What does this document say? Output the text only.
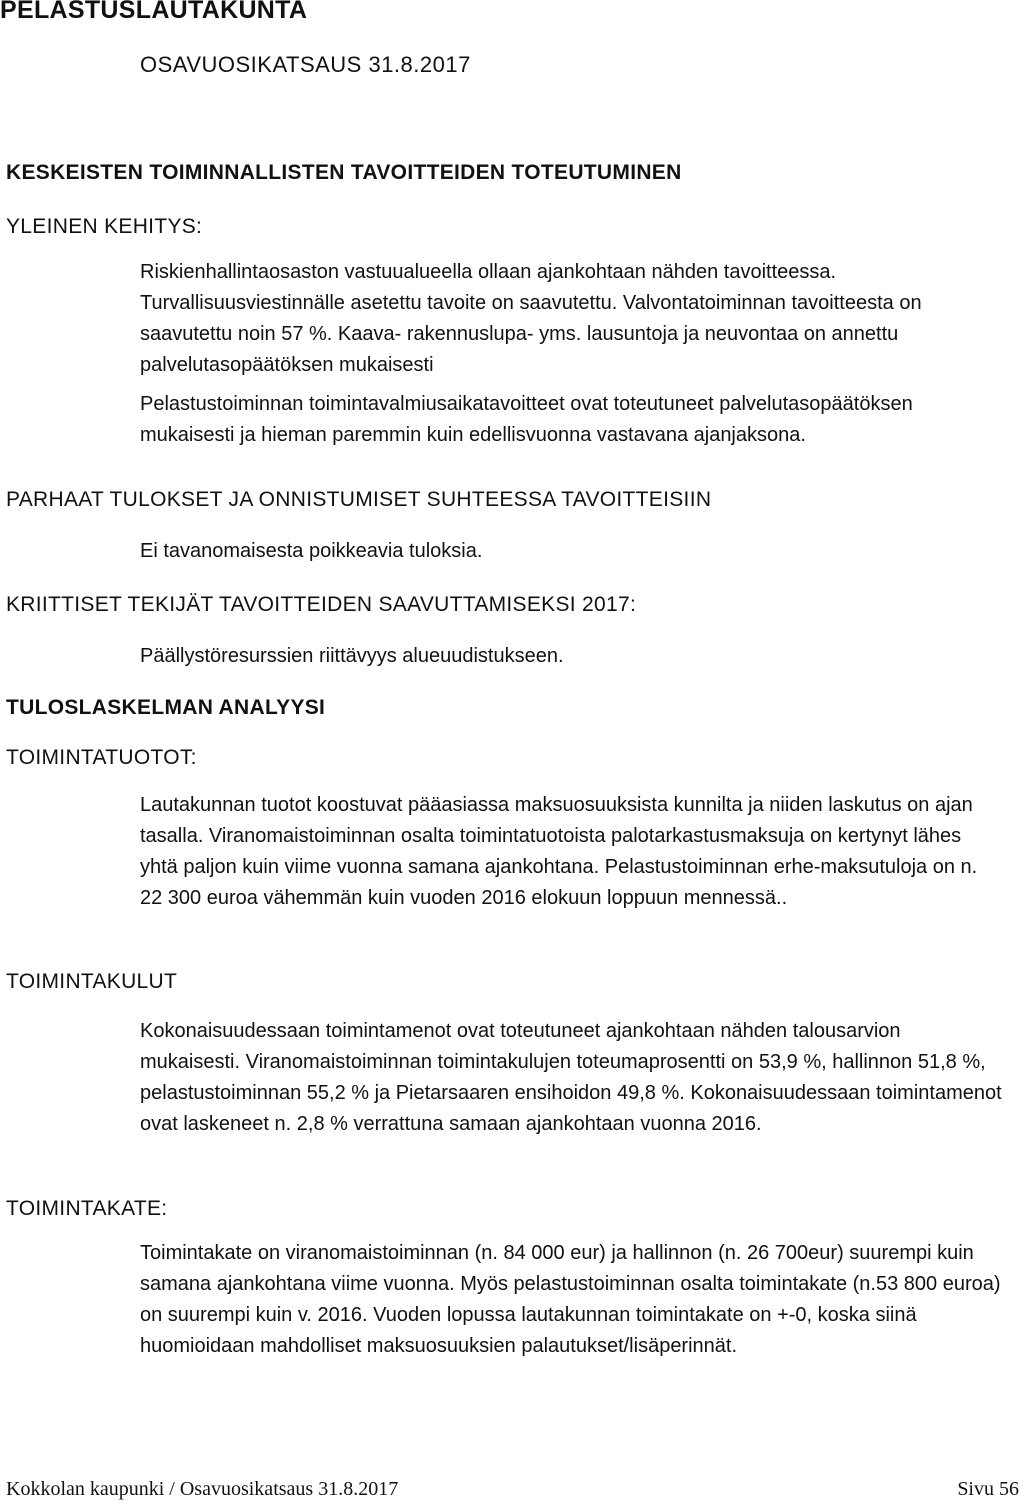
PELASTUSLAUTAKUNTA
OSAVUOSIKATSAUS 31.8.2017
KESKEISTEN TOIMINNALLISTEN TAVOITTEIDEN TOTEUTUMINEN
YLEINEN KEHITYS:

Riskienhallintaosaston vastuualueella ollaan ajankohtaan nähden tavoitteessa. Turvallisuusviestinnälle asetettu tavoite on saavutettu. Valvontatoiminnan tavoitteesta on saavutettu noin 57 %. Kaava- rakennuslupa- yms. lausuntoja ja neuvontaa on annettu palvelutasopäätöksen mukaisesti

Pelastustoiminnan toimintavalmiusaikatavoitteet ovat toteutuneet palvelutasopäätöksen mukaisesti ja hieman paremmin kuin edellisvuonna vastavana ajanjaksona.

PARHAAT TULOKSET JA ONNISTUMISET SUHTEESSA TAVOITTEISIIN
Ei tavanomaisesta poikkeavia tuloksia.
KRIITTISET TEKIJÄT TAVOITTEIDEN SAAVUTTAMISEKSI 2017:
Päällystöresurssien riittävyys alueuudistukseen.
TULOSLASKELMAN ANALYYSI
TOIMINTATUOTOT:

Lautakunnan tuotot koostuvat pääasiassa maksuosuuksista kunnilta ja niiden laskutus on ajan tasalla. Viranomaistoiminnan osalta toimintatuotoista palotarkastusmaksuja on kertynyt lähes yhtä paljon kuin viime vuonna samana ajankohtana. Pelastustoiminnan erhe-maksutuloja on n. 22 300 euroa vähemmän kuin vuoden 2016 elokuun loppuun mennessä..

TOIMINTAKULUT

Kokonaisuudessaan toimintamenot ovat toteutuneet ajankohtaan nähden talousarvion mukaisesti. Viranomaistoiminnan toimintakulujen toteumaprosentti on 53,9 %, hallinnon 51,8 %, pelastustoiminnan 55,2 % ja Pietarsaaren ensihoidon 49,8 %. Kokonaisuudessaan toimintamenot ovat laskeneet n. 2,8 % verrattuna samaan ajankohtaan vuonna 2016.

TOIMINTAKATE:

Toimintakate on viranomaistoiminnan (n. 84 000 eur) ja hallinnon (n. 26 700eur) suurempi kuin samana ajankohtana viime vuonna. Myös pelastustoiminnan osalta toimintakate (n.53 800 euroa) on suurempi kuin v. 2016. Vuoden lopussa lautakunnan toimintakate on +-0, koska siinä huomioidaan mahdolliset maksuosuuksien palautukset/lisäperinnät.

Kokkolan kaupunki / Osavuosikatsaus 31.8.2017	Sivu 56
